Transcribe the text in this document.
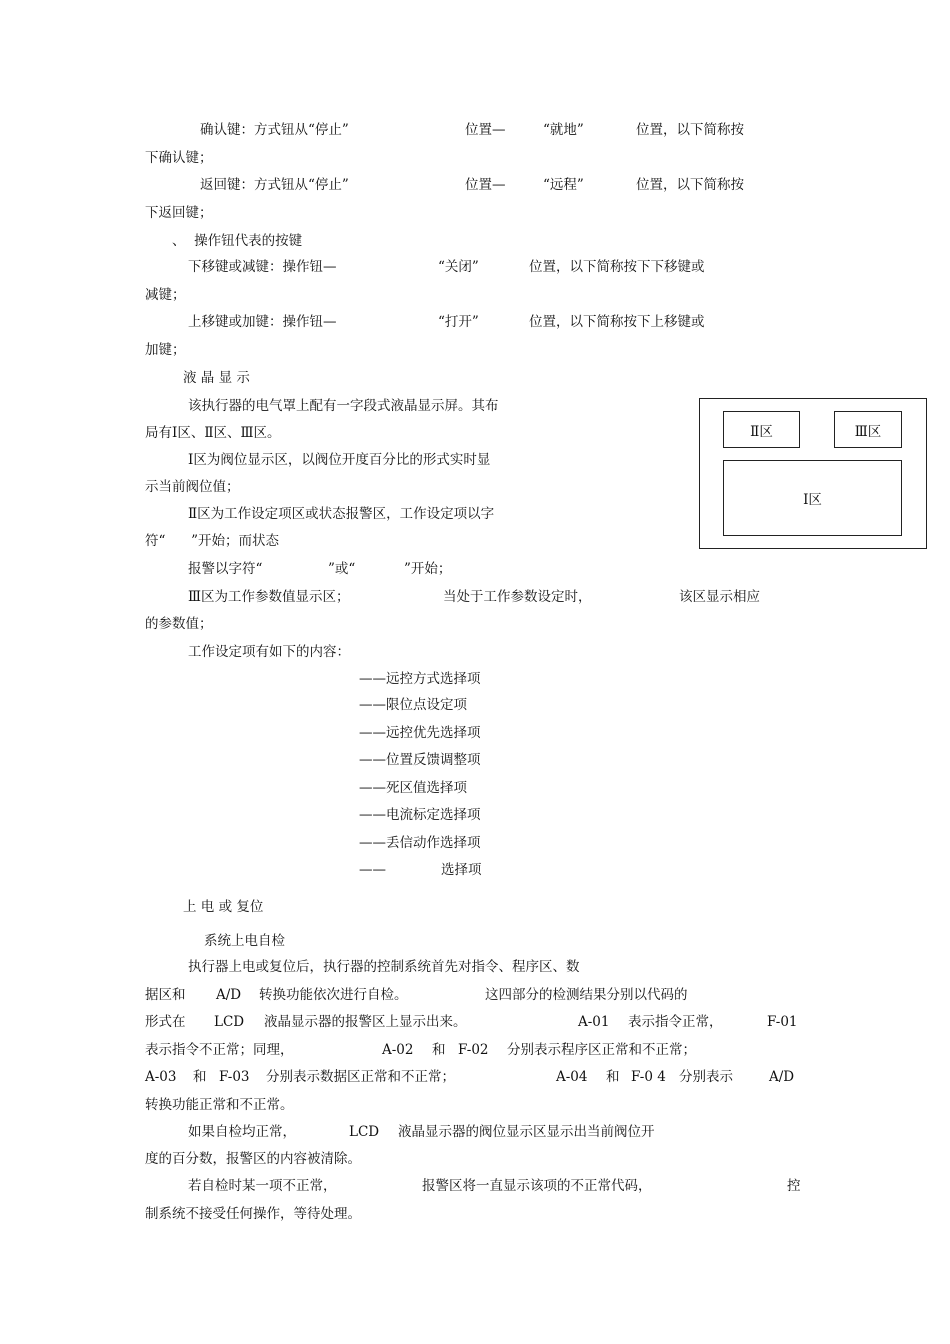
确认键：方式钮从“停止”	位置—	“就地”	位置，以下简称按
下确认键；
返回键：方式钮从“停止”	位置—	“远程”	位置，以下简称按
下返回键；
、  操作钮代表的按键
下移键或减键：操作钮—	“关闭”	位置，以下简称按下下移键或
减键；
上移键或加键：操作钮—	“打开”	位置，以下简称按下上移键或
加键；
液 晶 显 示
该执行器的电气罩上配有一字段式液晶显示屏。其布
局有Ⅰ区、Ⅱ区、Ⅲ区。
Ⅰ区为阀位显示区，以阀位开度百分比的形式实时显
示当前阀位值；
Ⅱ区为工作设定项区或状态报警区，工作设定项以字
符“      ”开始；而状态
报警以字符“	”或“	”开始；
Ⅲ区为工作参数值显示区；	当处于工作参数设定时，	该区显示相应
的参数值；
Ⅱ区	Ⅲ区
Ⅰ区
工作设定项有如下的内容：
——远控方式选择项
——限位点设定项
——远控优先选择项
——位置反馈调整项
——死区值选择项
——电流标定选择项
——丢信动作选择项
——	选择项
上 电 或 复位
系统上电自检
执行器上电或复位后，执行器的控制系统首先对指令、程序区、数
据区和 A/D 转换功能依次进行自检。	这四部分的检测结果分别以代码的
形式在 LCD 液晶显示器的报警区上显示出来。	A-01 表示指令正常，	F-01
表示指令不正常；同理，	A-02 和 F-02 分别表示程序区正常和不正常；
A-03 和 F-03 分别表示数据区正常和不正常；	A-04 和 F-0 4 分别表示	A/D
转换功能正常和不正常。
如果自检均正常，	LCD 液晶显示器的阀位显示区显示出当前阀位开
度的百分数，报警区的内容被清除。
若自检时某一项不正常，	报警区将一直显示该项的不正常代码，	控
制系统不接受任何操作，等待处理。
